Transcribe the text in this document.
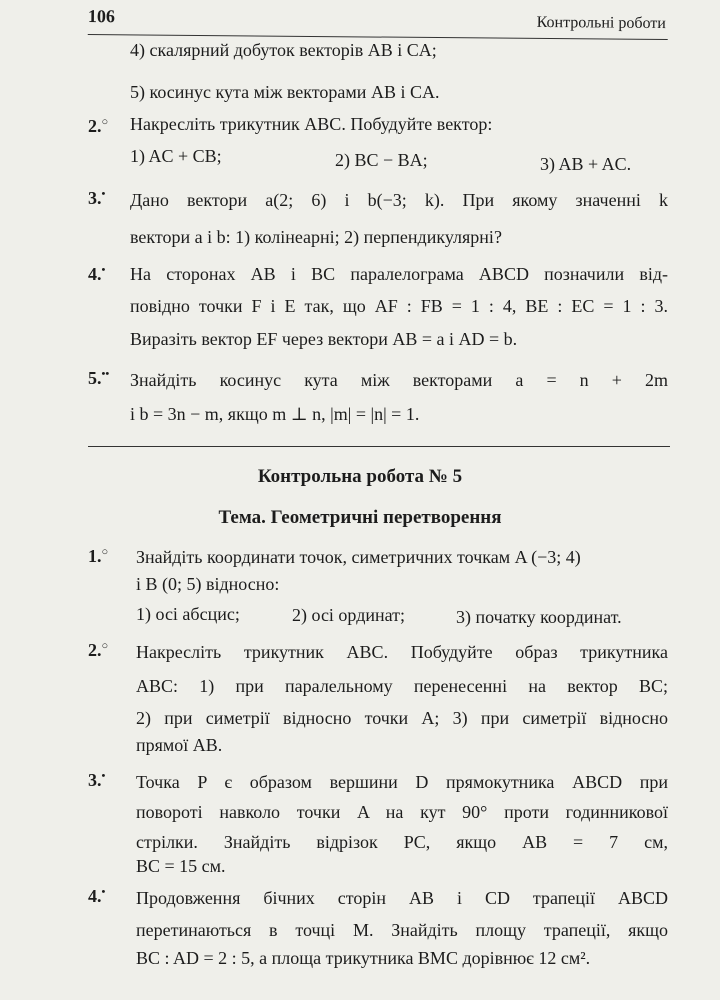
106	Контрольні роботи
4) скалярний добуток векторів AB і CA;
5) косинус кута між векторами AB і CA.
2.○ Накресліть трикутник ABC. Побудуйте вектор:
1) AC + CB;	2) BC − BA;	3) AB + AC.
3.• Дано вектори a(2; 6) і b(−3; k). При якому значенні k
вектори a і b: 1) колінеарні; 2) перпендикулярні?
4.• На сторонах AB і BC паралелограма ABCD позначили від-
повідно точки F і E так, що AF : FB = 1 : 4, BE : EC = 1 : 3.
Виразіть вектор EF через вектори AB = a і AD = b.
5.•• Знайдіть косинус кута між векторами a = n + 2m
і b = 3n − m, якщо m ⊥ n, |m| = |n| = 1.
Контрольна робота № 5
Тема. Геометричні перетворення
1.○ Знайдіть координати точок, симетричних точкам A (−3; 4)
і B (0; 5) відносно:
1) осі абсцис;	2) осі ординат;	3) початку координат.
2.○ Накресліть трикутник ABC. Побудуйте образ трикутника
ABC: 1) при паралельному перенесенні на вектор BC;
2) при симетрії відносно точки A; 3) при симетрії відносно
прямої AB.
3.• Точка P є образом вершини D прямокутника ABCD при
повороті навколо точки A на кут 90° проти годинникової
стрілки. Знайдіть відрізок PC, якщо AB = 7 см,
BC = 15 см.
4.• Продовження бічних сторін AB і CD трапеції ABCD
перетинаються в точці M. Знайдіть площу трапеції, якщо
BC : AD = 2 : 5, а площа трикутника BMC дорівнює 12 см².
